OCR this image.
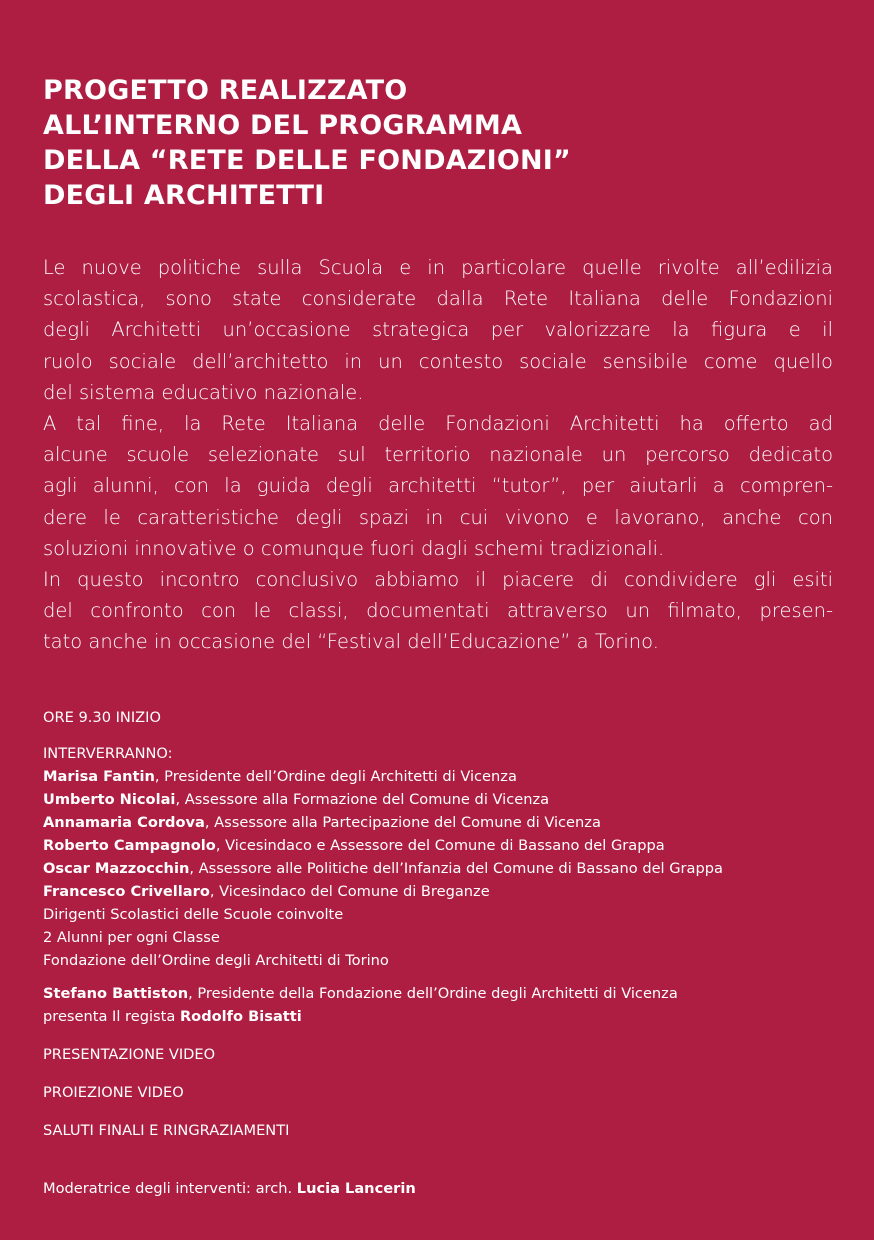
PROGETTO REALIZZATO
ALL’INTERNO DEL PROGRAMMA
DELLA “RETE DELLE FONDAZIONI”
DEGLI ARCHITETTI
Le nuove politiche sulla Scuola e in particolare quelle rivolte all’edilizia
scolastica, sono state considerate dalla Rete Italiana delle Fondazioni
degli Architetti un’occasione strategica per valorizzare la figura e il
ruolo sociale dell’architetto in un contesto sociale sensibile come quello
del sistema educativo nazionale.
A tal fine, la Rete Italiana delle Fondazioni Architetti ha offerto ad
alcune scuole selezionate sul territorio nazionale un percorso dedicato
agli alunni, con la guida degli architetti “tutor”, per aiutarli a compren-
dere le caratteristiche degli spazi in cui vivono e lavorano, anche con
soluzioni innovative o comunque fuori dagli schemi tradizionali.
In questo incontro conclusivo abbiamo il piacere di condividere gli esiti
del confronto con le classi, documentati attraverso un filmato, presen-
tato anche in occasione del “Festival dell’Educazione” a Torino.
ORE 9.30 INIZIO
INTERVERRANNO:
Marisa Fantin, Presidente dell’Ordine degli Architetti di Vicenza
Umberto Nicolai, Assessore alla Formazione del Comune di Vicenza
Annamaria Cordova, Assessore alla Partecipazione del Comune di Vicenza
Roberto Campagnolo, Vicesindaco e Assessore del Comune di Bassano del Grappa
Oscar Mazzocchin, Assessore alle Politiche dell’Infanzia del Comune di Bassano del Grappa
Francesco Crivellaro, Vicesindaco del Comune di Breganze
Dirigenti Scolastici delle Scuole coinvolte
2 Alunni per ogni Classe
Fondazione dell’Ordine degli Architetti di Torino
Stefano Battiston, Presidente della Fondazione dell’Ordine degli Architetti di Vicenza
presenta Il regista Rodolfo Bisatti
PRESENTAZIONE VIDEO
PROIEZIONE VIDEO
SALUTI FINALI E RINGRAZIAMENTI
Moderatrice degli interventi: arch. Lucia Lancerin
